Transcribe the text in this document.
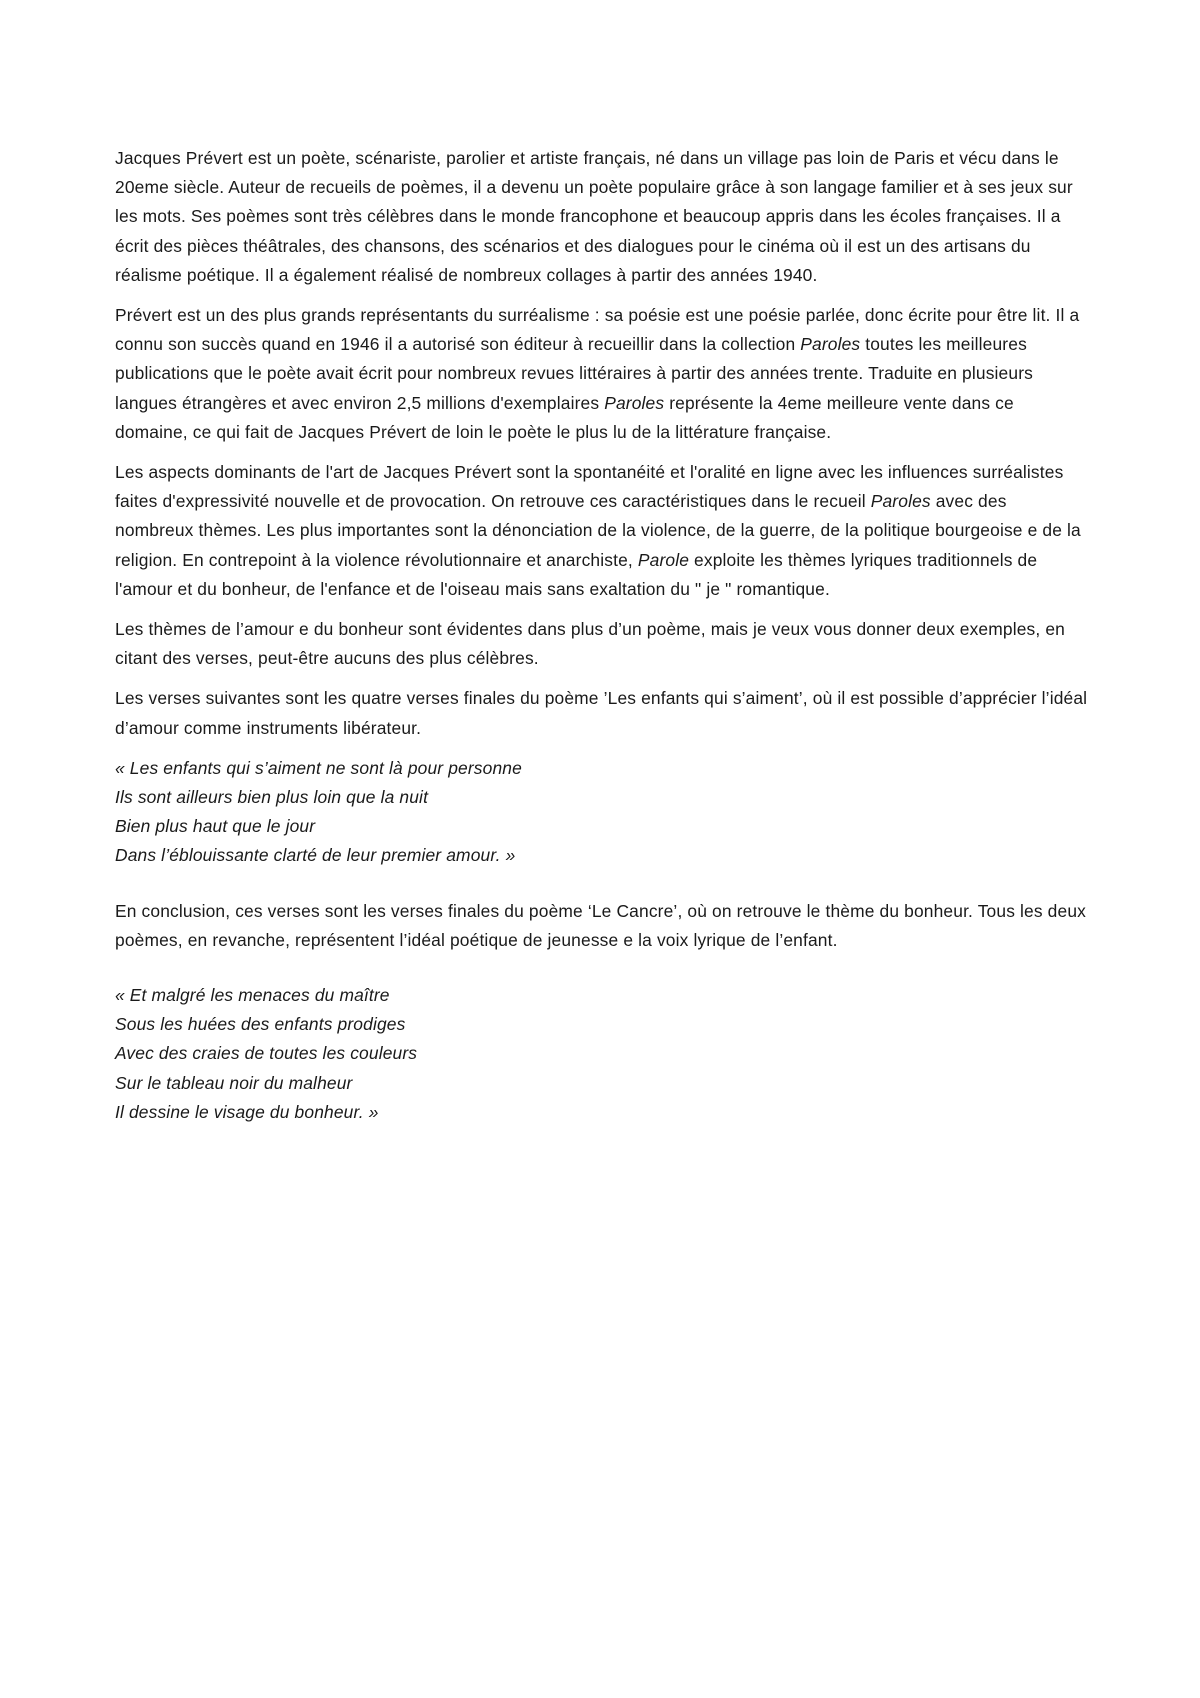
Jacques Prévert est un poète, scénariste, parolier et artiste français, né dans un village pas loin de Paris et vécu dans le 20eme siècle. Auteur de recueils de poèmes, il a devenu un poète populaire grâce à son langage familier et à ses jeux sur les mots. Ses poèmes sont très célèbres dans le monde francophone et beaucoup appris dans les écoles françaises. Il a écrit des pièces théâtrales, des chansons, des scénarios et des dialogues pour le cinéma où il est un des artisans du réalisme poétique. Il a également réalisé de nombreux collages à partir des années 1940.

Prévert est un des plus grands représentants du surréalisme : sa poésie est une poésie parlée, donc écrite pour être lit. Il a connu son succès quand en 1946 il a autorisé son éditeur à recueillir dans la collection Paroles toutes les meilleures publications que le poète avait écrit pour nombreux revues littéraires à partir des années trente. Traduite en plusieurs langues étrangères et avec environ 2,5 millions d'exemplaires Paroles représente la 4eme meilleure vente dans ce domaine, ce qui fait de Jacques Prévert de loin le poète le plus lu de la littérature française.

Les aspects dominants de l'art de Jacques Prévert sont la spontanéité et l'oralité en ligne avec les influences surréalistes faites d'expressivité nouvelle et de provocation. On retrouve ces caractéristiques dans le recueil Paroles avec des nombreux thèmes. Les plus importantes sont la dénonciation de la violence, de la guerre, de la politique bourgeoise e de la religion. En contrepoint à la violence révolutionnaire et anarchiste, Parole exploite les thèmes lyriques traditionnels de l'amour et du bonheur, de l'enfance et de l'oiseau mais sans exaltation du " je " romantique.

Les thèmes de l’amour e du bonheur sont évidentes dans plus d’un poème, mais je veux vous donner deux exemples, en citant des verses, peut-être aucuns des plus célèbres.

Les verses suivantes sont les quatre verses finales du poème ’Les enfants qui s’aiment’, où il est possible d’apprécier l’idéal d’amour comme instruments libérateur.

« Les enfants qui s’aiment ne sont là pour personne

Ils sont ailleurs bien plus loin que la nuit

Bien plus haut que le jour

Dans l’éblouissante clarté de leur premier amour. »

En conclusion, ces verses sont les verses finales du poème ‘Le Cancre’, où on retrouve le thème du bonheur. Tous les deux poèmes, en revanche, représentent l’idéal poétique de jeunesse e la voix lyrique de l’enfant.

« Et malgré les menaces du maître

Sous les huées des enfants prodiges

Avec des craies de toutes les couleurs

Sur le tableau noir du malheur

Il dessine le visage du bonheur. »
